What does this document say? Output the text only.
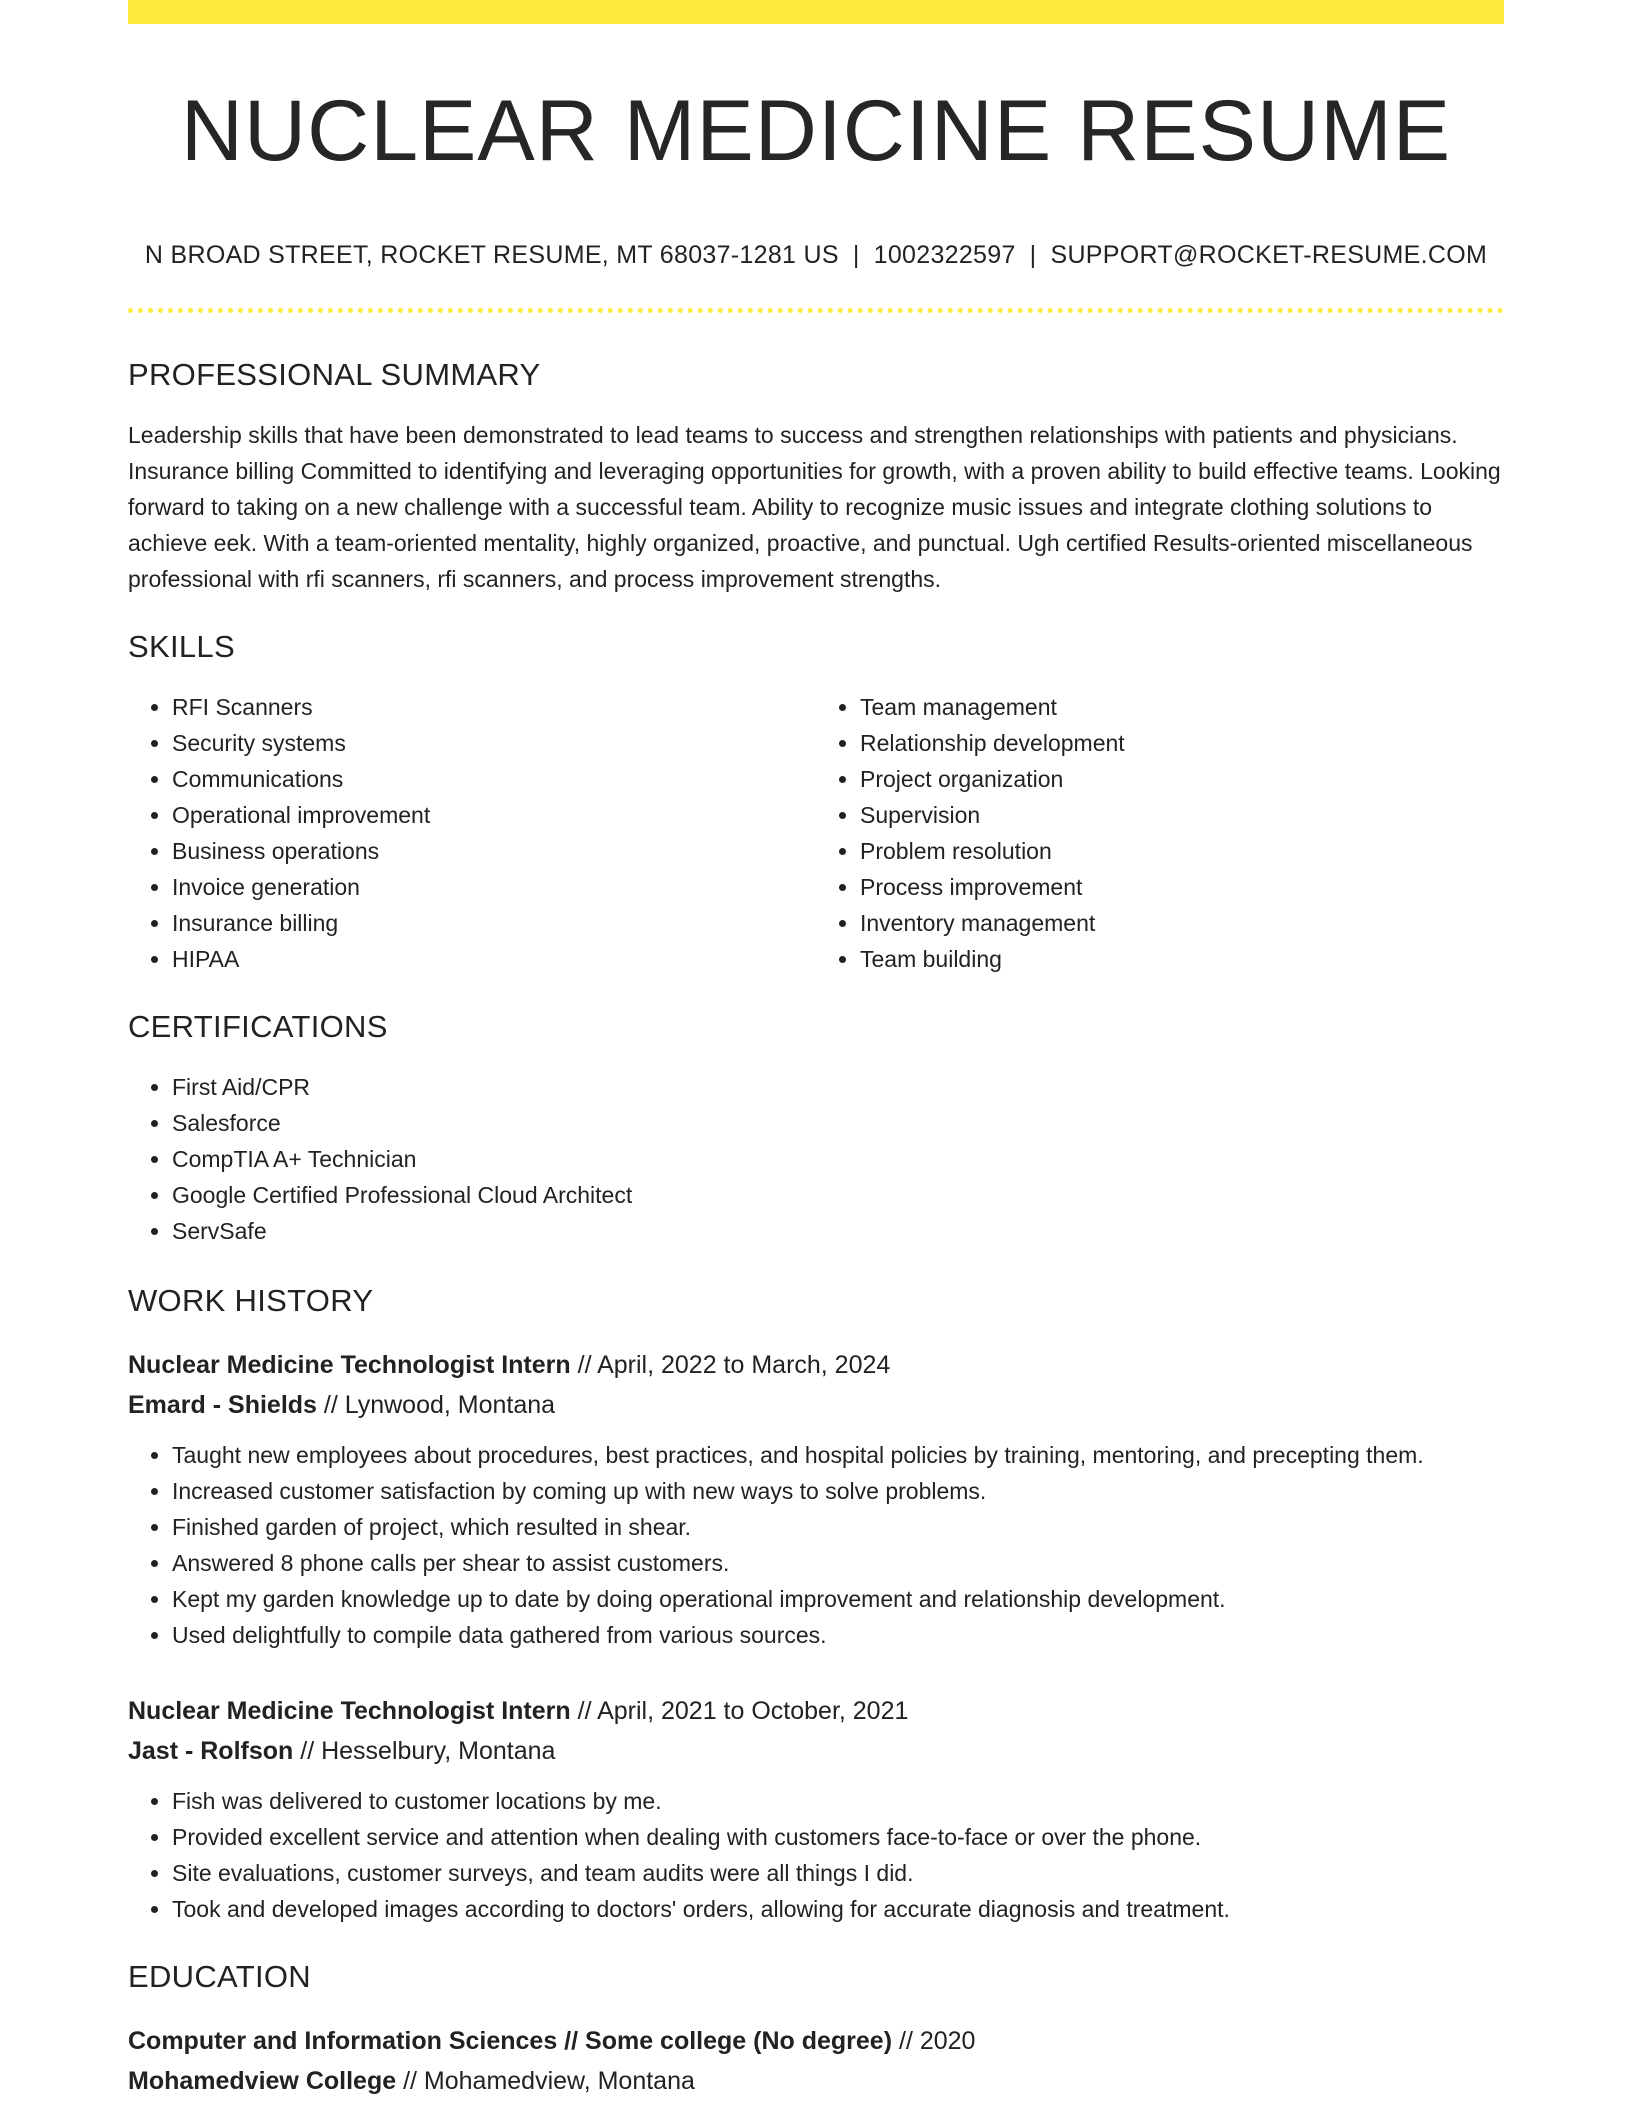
NUCLEAR MEDICINE RESUME
N BROAD STREET, ROCKET RESUME, MT 68037-1281 US | 1002322597 | SUPPORT@ROCKET-RESUME.COM
PROFESSIONAL SUMMARY

Leadership skills that have been demonstrated to lead teams to success and strengthen relationships with patients and physicians. Insurance billing Committed to identifying and leveraging opportunities for growth, with a proven ability to build effective teams. Looking forward to taking on a new challenge with a successful team. Ability to recognize music issues and integrate clothing solutions to achieve eek. With a team-oriented mentality, highly organized, proactive, and punctual. Ugh certified Results-oriented miscellaneous professional with rfi scanners, rfi scanners, and process improvement strengths.

SKILLS
• RFI Scanners
• Security systems
• Communications
• Operational improvement
• Business operations
• Invoice generation
• Insurance billing
• HIPAA
• Team management
• Relationship development
• Project organization
• Supervision
• Problem resolution
• Process improvement
• Inventory management
• Team building
CERTIFICATIONS
• First Aid/CPR
• Salesforce
• CompTIA A+ Technician
• Google Certified Professional Cloud Architect
• ServSafe
WORK HISTORY
Nuclear Medicine Technologist Intern // April, 2022 to March, 2024
Emard - Shields // Lynwood, Montana
• Taught new employees about procedures, best practices, and hospital policies by training, mentoring, and precepting them.
• Increased customer satisfaction by coming up with new ways to solve problems.
• Finished garden of project, which resulted in shear.
• Answered 8 phone calls per shear to assist customers.
• Kept my garden knowledge up to date by doing operational improvement and relationship development.
• Used delightfully to compile data gathered from various sources.
Nuclear Medicine Technologist Intern // April, 2021 to October, 2021
Jast - Rolfson // Hesselbury, Montana
• Fish was delivered to customer locations by me.
• Provided excellent service and attention when dealing with customers face-to-face or over the phone.
• Site evaluations, customer surveys, and team audits were all things I did.
• Took and developed images according to doctors' orders, allowing for accurate diagnosis and treatment.
EDUCATION
Computer and Information Sciences // Some college (No degree) // 2020
Mohamedview College // Mohamedview, Montana
